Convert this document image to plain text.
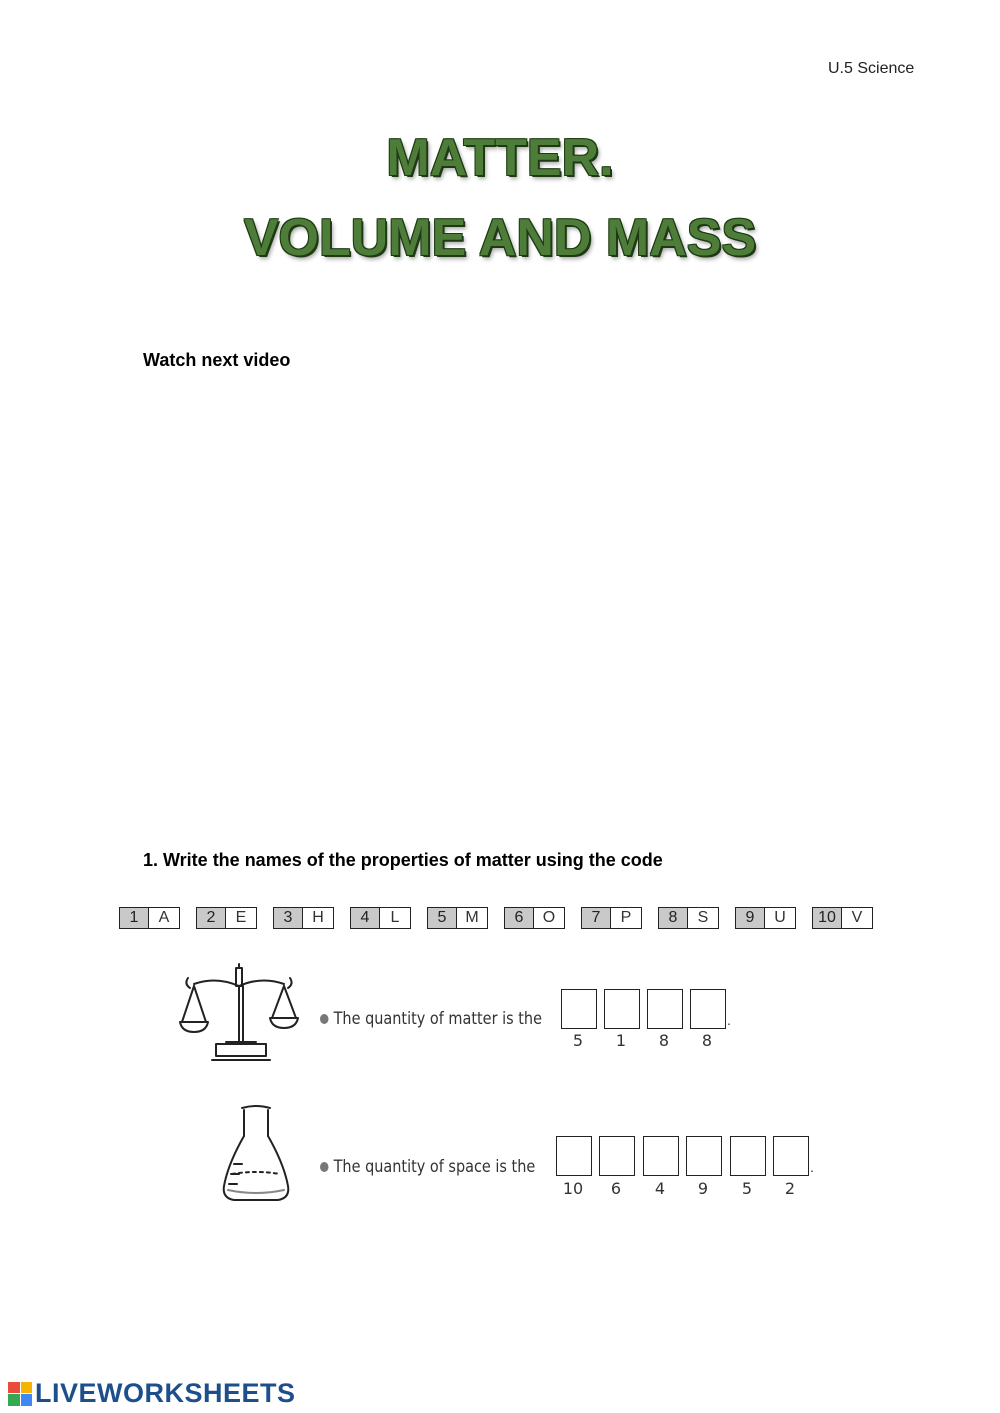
U.5 Science
MATTER.
VOLUME AND MASS
Watch next video
1. Write the names of the properties of matter using the code
1	A	2	E	3	H	4	L	5	M	6	O	7	P	8	S	9	U	10 V
The quantity of matter is the	.
5	1	8	8
The quantity of space is the	.
10	6	4	9	5	2
LIVEWORKSHEETS
